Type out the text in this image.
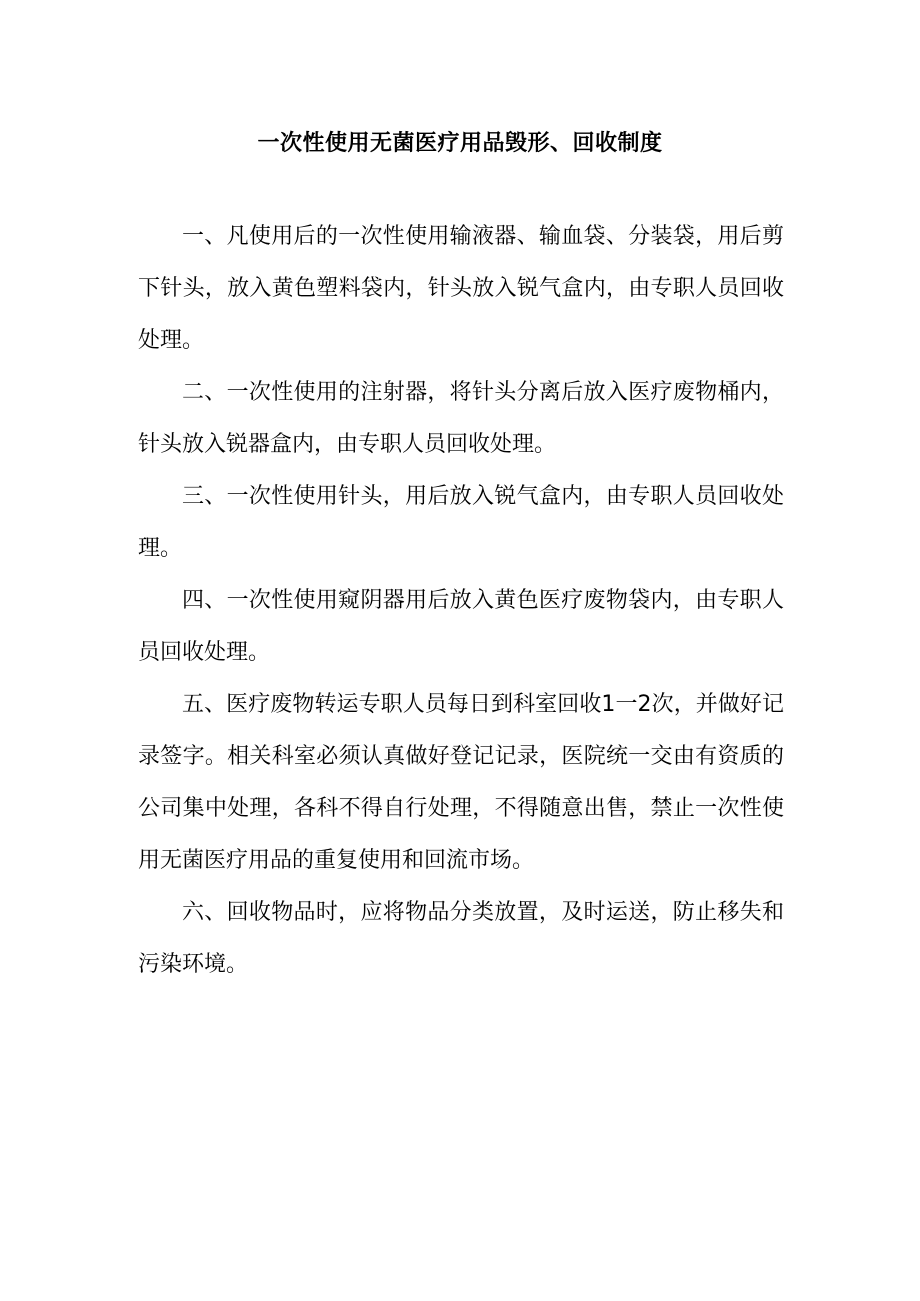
一次性使用无菌医疗用品毁形、回收制度

一、凡使用后的一次性使用输液器、输血袋、分装袋，用后剪下针头，放入黄色塑料袋内，针头放入锐气盒内，由专职人员回收处理。

二、一次性使用的注射器，将针头分离后放入医疗废物桶内，针头放入锐器盒内，由专职人员回收处理。

三、一次性使用针头，用后放入锐气盒内，由专职人员回收处理。

四、一次性使用窥阴器用后放入黄色医疗废物袋内，由专职人员回收处理。

五、医疗废物转运专职人员每日到科室回收1一2次，并做好记录签字。相关科室必须认真做好登记记录，医院统一交由有资质的公司集中处理，各科不得自行处理，不得随意出售，禁止一次性使用无菌医疗用品的重复使用和回流市场。

六、回收物品时，应将物品分类放置，及时运送，防止移失和污染环境。
